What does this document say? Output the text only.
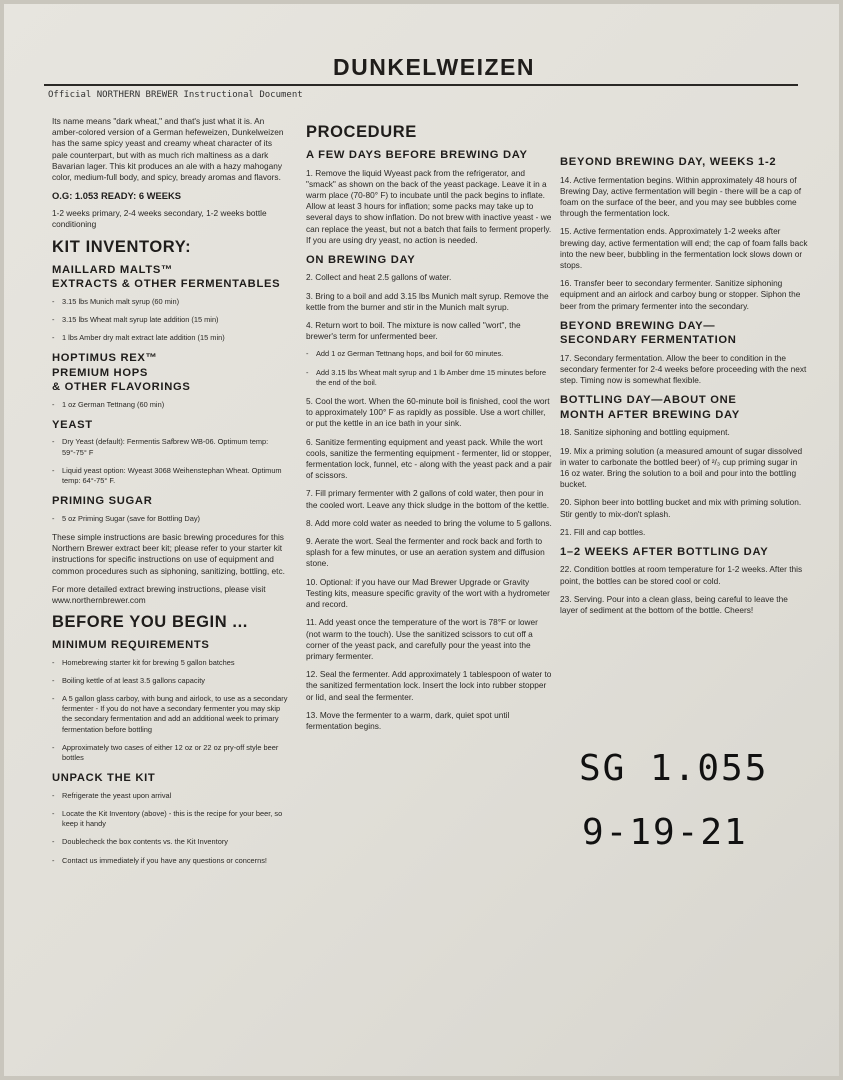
DUNKELWEIZEN
Official NORTHERN BREWER Instructional Document

Its name means "dark wheat," and that's just what it is. An amber-colored version of a German hefeweizen, Dunkelweizen has the same spicy yeast and creamy wheat character of its pale counterpart, but with as much rich maltiness as a dark Bavarian lager. This kit produces an ale with a hazy mahogany color, medium-full body, and spicy, bready aromas and flavors.

O.G: 1.053 READY: 6 WEEKS

1-2 weeks primary, 2-4 weeks secondary, 1-2 weeks bottle conditioning

KIT INVENTORY:
MAILLARD MALTS™
EXTRACTS & OTHER FERMENTABLES
- 3.15 lbs Munich malt syrup (60 min)
- 3.15 lbs Wheat malt syrup late addition (15 min)
- 1 lbs Amber dry malt extract late addition (15 min)
HOPTIMUS REX™
PREMIUM HOPS
& OTHER FLAVORINGS
- 1 oz German Tettnang (60 min)
YEAST
- Dry Yeast (default): Fermentis Safbrew WB-06. Optimum temp: 59°-75° F
- Liquid yeast option: Wyeast 3068 Weihenstephan Wheat. Optimum temp: 64°-75° F.
PRIMING SUGAR
- 5 oz Priming Sugar (save for Bottling Day)

These simple instructions are basic brewing procedures for this Northern Brewer extract beer kit; please refer to your starter kit instructions for specific instructions on use of equipment and common procedures such as siphoning, sanitizing, bottling, etc.

For more detailed extract brewing instructions, please visit www.northernbrewer.com

BEFORE YOU BEGIN ...
MINIMUM REQUIREMENTS
- Homebrewing starter kit for brewing 5 gallon batches
- Boiling kettle of at least 3.5 gallons capacity
- A 5 gallon glass carboy, with bung and airlock, to use as a secondary fermenter - If you do not have a secondary fermenter you may skip the secondary fermentation and add an additional week to primary fermentation before bottling
- Approximately two cases of either 12 oz or 22 oz pry-off style beer bottles
UNPACK THE KIT
- Refrigerate the yeast upon arrival
- Locate the Kit Inventory (above) - this is the recipe for your beer, so keep it handy
- Doublecheck the box contents vs. the Kit Inventory
- Contact us immediately if you have any questions or concerns!
PROCEDURE
A FEW DAYS BEFORE BREWING DAY

1. Remove the liquid Wyeast pack from the refrigerator, and "smack" as shown on the back of the yeast package. Leave it in a warm place (70-80° F) to incubate until the pack begins to inflate. Allow at least 3 hours for inflation; some packs may take up to several days to show inflation. Do not brew with inactive yeast - we can replace the yeast, but not a batch that fails to ferment properly. If you are using dry yeast, no action is needed.

ON BREWING DAY

2. Collect and heat 2.5 gallons of water.

3. Bring to a boil and add 3.15 lbs Munich malt syrup. Remove the kettle from the burner and stir in the Munich malt syrup.

4. Return wort to boil. The mixture is now called "wort", the brewer's term for unfermented beer.

- Add 1 oz German Tettnang hops, and boil for 60 minutes.
- Add 3.15 lbs Wheat malt syrup and 1 lb Amber dme 15 minutes before the end of the boil.

5. Cool the wort. When the 60-minute boil is finished, cool the wort to approximately 100° F as rapidly as possible. Use a wort chiller, or put the kettle in an ice bath in your sink.

6. Sanitize fermenting equipment and yeast pack. While the wort cools, sanitize the fermenting equipment - fermenter, lid or stopper, fermentation lock, funnel, etc - along with the yeast pack and a pair of scissors.

7. Fill primary fermenter with 2 gallons of cold water, then pour in the cooled wort. Leave any thick sludge in the bottom of the kettle.

8. Add more cold water as needed to bring the volume to 5 gallons.

9. Aerate the wort. Seal the fermenter and rock back and forth to splash for a few minutes, or use an aeration system and diffusion stone.

10. Optional: if you have our Mad Brewer Upgrade or Gravity Testing kits, measure specific gravity of the wort with a hydrometer and record.

11. Add yeast once the temperature of the wort is 78°F or lower (not warm to the touch). Use the sanitized scissors to cut off a corner of the yeast pack, and carefully pour the yeast into the primary fermenter.

12. Seal the fermenter. Add approximately 1 tablespoon of water to the sanitized fermentation lock. Insert the lock into rubber stopper or lid, and seal the fermenter.

13. Move the fermenter to a warm, dark, quiet spot until fermentation begins.

BEYOND BREWING DAY, WEEKS 1-2

14. Active fermentation begins. Within approximately 48 hours of Brewing Day, active fermentation will begin - there will be a cap of foam on the surface of the beer, and you may see bubbles come through the fermentation lock.

15. Active fermentation ends. Approximately 1-2 weeks after brewing day, active fermentation will end; the cap of foam falls back into the new beer, bubbling in the fermentation lock slows down or stops.

16. Transfer beer to secondary fermenter. Sanitize siphoning equipment and an airlock and carboy bung or stopper. Siphon the beer from the primary fermenter into the secondary.

BEYOND BREWING DAY—
SECONDARY FERMENTATION

17. Secondary fermentation. Allow the beer to condition in the secondary fermenter for 2-4 weeks before proceeding with the next step. Timing now is somewhat flexible.

BOTTLING DAY—ABOUT ONE
MONTH AFTER BREWING DAY

18. Sanitize siphoning and bottling equipment.

19. Mix a priming solution (a measured amount of sugar dissolved in water to carbonate the bottled beer) of ²/₃ cup priming sugar in 16 oz water. Bring the solution to a boil and pour into the bottling bucket.

20. Siphon beer into bottling bucket and mix with priming solution. Stir gently to mix-don't splash.

21. Fill and cap bottles.

1–2 WEEKS AFTER BOTTLING DAY

22. Condition bottles at room temperature for 1-2 weeks. After this point, the bottles can be stored cool or cold.

23. Serving. Pour into a clean glass, being careful to leave the layer of sediment at the bottom of the bottle. Cheers!

SG 1.055
9-19-21
